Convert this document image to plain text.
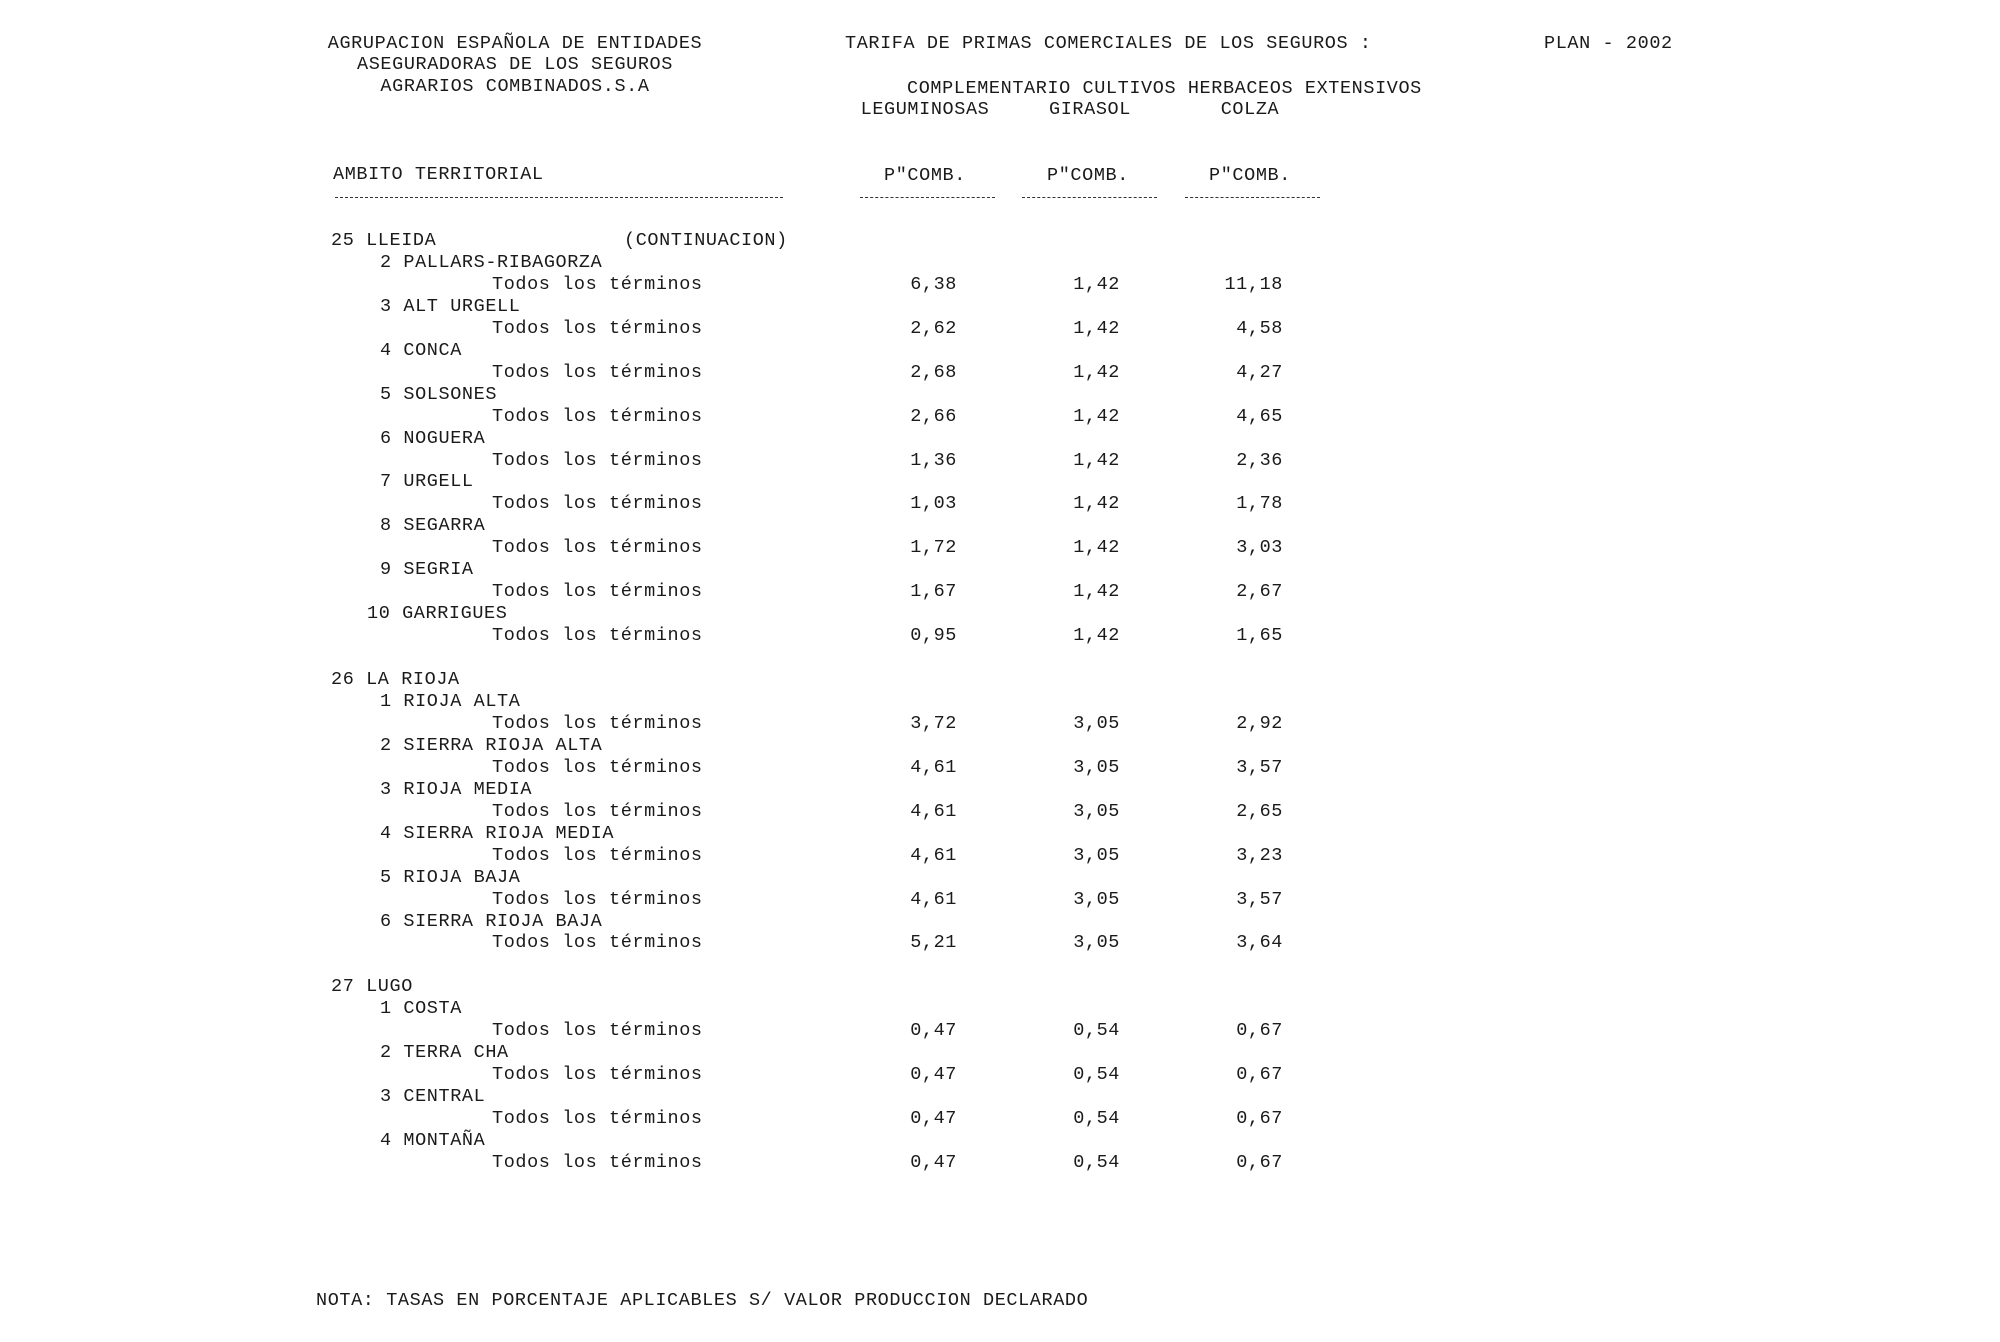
AGRUPACION ESPAÑOLA DE ENTIDADES
ASEGURADORAS DE LOS SEGUROS
AGRARIOS COMBINADOS.S.A
TARIFA DE PRIMAS COMERCIALES DE LOS SEGUROS :	PLAN - 2002
COMPLEMENTARIO CULTIVOS HERBACEOS EXTENSIVOS
LEGUMINOSAS	GIRASOL	COLZA
AMBITO TERRITORIAL	P"COMB.	P"COMB.	P"COMB.
25 LLEIDA	(CONTINUACION)
2 PALLARS-RIBAGORZA
Todos los términos	6,38	1,42	11,18
3 ALT URGELL
Todos los términos	2,62	1,42	4,58
4 CONCA
Todos los términos	2,68	1,42	4,27
5 SOLSONES
Todos los términos	2,66	1,42	4,65
6 NOGUERA
Todos los términos	1,36	1,42	2,36
7 URGELL
Todos los términos	1,03	1,42	1,78
8 SEGARRA
Todos los términos	1,72	1,42	3,03
9 SEGRIA
Todos los términos	1,67	1,42	2,67
10 GARRIGUES
Todos los términos	0,95	1,42	1,65
26 LA RIOJA
1 RIOJA ALTA
Todos los términos	3,72	3,05	2,92
2 SIERRA RIOJA ALTA
Todos los términos	4,61	3,05	3,57
3 RIOJA MEDIA
Todos los términos	4,61	3,05	2,65
4 SIERRA RIOJA MEDIA
Todos los términos	4,61	3,05	3,23
5 RIOJA BAJA
Todos los términos	4,61	3,05	3,57
6 SIERRA RIOJA BAJA
Todos los términos	5,21	3,05	3,64
27 LUGO
1 COSTA
Todos los términos	0,47	0,54	0,67
2 TERRA CHA
Todos los términos	0,47	0,54	0,67
3 CENTRAL
Todos los términos	0,47	0,54	0,67
4 MONTAÑA
Todos los términos	0,47	0,54	0,67
NOTA: TASAS EN PORCENTAJE APLICABLES S/ VALOR PRODUCCION DECLARADO
